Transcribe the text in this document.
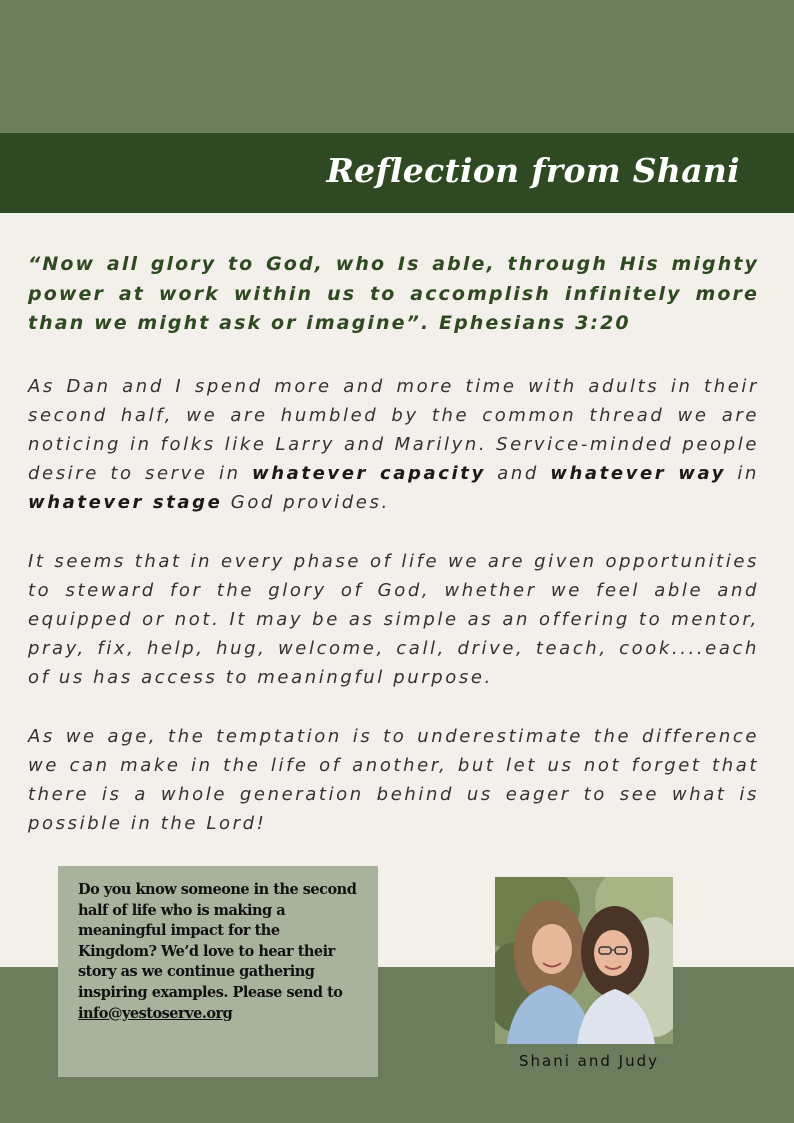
Reflection from Shani

“Now all glory to God, who Is able, through His mighty power at work within us to accomplish infinitely more than we might ask or imagine”. Ephesians 3:20

As Dan and I spend more and more time with adults in their second half, we are humbled by the common thread we are noticing in folks like Larry and Marilyn. Service-minded people desire to serve in whatever capacity and whatever way in whatever stage God provides.

It seems that in every phase of life we are given opportunities to steward for the glory of God, whether we feel able and equipped or not. It may be as simple as an offering to mentor, pray, fix, help, hug, welcome, call, drive, teach, cook....each of us has access to meaningful purpose.

As we age, the temptation is to underestimate the difference we can make in the life of another, but let us not forget that there is a whole generation behind us eager to see what is possible in the Lord!

Do you know someone in the second half of life who is making a meaningful impact for the Kingdom? We’d love to hear their story as we continue gathering inspiring examples. Please send to info@yestoserve.org

Shani and Judy
